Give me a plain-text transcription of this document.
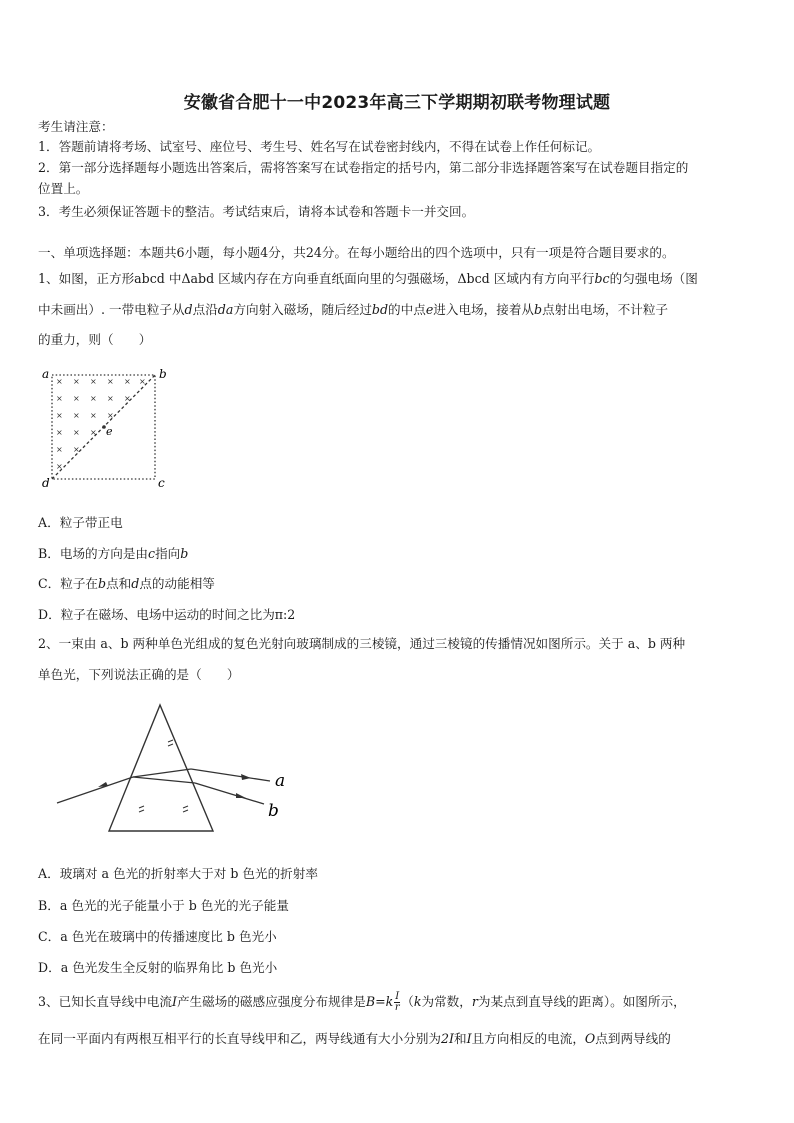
安徽省合肥十一中2023年高三下学期期初联考物理试题
考生请注意：
1．答题前请将考场、试室号、座位号、考生号、姓名写在试卷密封线内，不得在试卷上作任何标记。
2．第一部分选择题每小题选出答案后，需将答案写在试卷指定的括号内，第二部分非选择题答案写在试卷题目指定的
位置上。
3．考生必须保证答题卡的整洁。考试结束后，请将本试卷和答题卡一并交回。
一、单项选择题：本题共6小题，每小题4分，共24分。在每小题给出的四个选项中，只有一项是符合题目要求的。
1、如图，正方形abcd 中Δabd 区域内存在方向垂直纸面向里的匀强磁场，Δbcd 区域内有方向平行bc的匀强电场（图
中未画出）. 一带电粒子从d点沿da方向射入磁场，随后经过bd的中点e进入电场，接着从b点射出电场，不计粒子
的重力，则（　　）
× × × × × ×
× × × × ×
× × × ×
× × ×
× ×
×
a	b
d	c
e
A．粒子带正电
B．电场的方向是由c指向b
C．粒子在b点和d点的动能相等
D．粒子在磁场、电场中运动的时间之比为π:2
2、一束由 a、b 两种单色光组成的复色光射向玻璃制成的三棱镜，通过三棱镜的传播情况如图所示。关于 a、b 两种
单色光，下列说法正确的是（　　）
a
b
A．玻璃对 a 色光的折射率大于对 b 色光的折射率
B．a 色光的光子能量小于 b 色光的光子能量
C．a 色光在玻璃中的传播速度比 b 色光小
D．a 色光发生全反射的临界角比 b 色光小
3、已知长直导线中电流I产生磁场的磁感应强度分布规律是$B=k \frac{I}{r} (k$为常数，r为某点到直导线的距离）。如图所示，
在同一平面内有两根互相平行的长直导线甲和乙，两导线通有大小分别为2I和I且方向相反的电流，O点到两导线的
